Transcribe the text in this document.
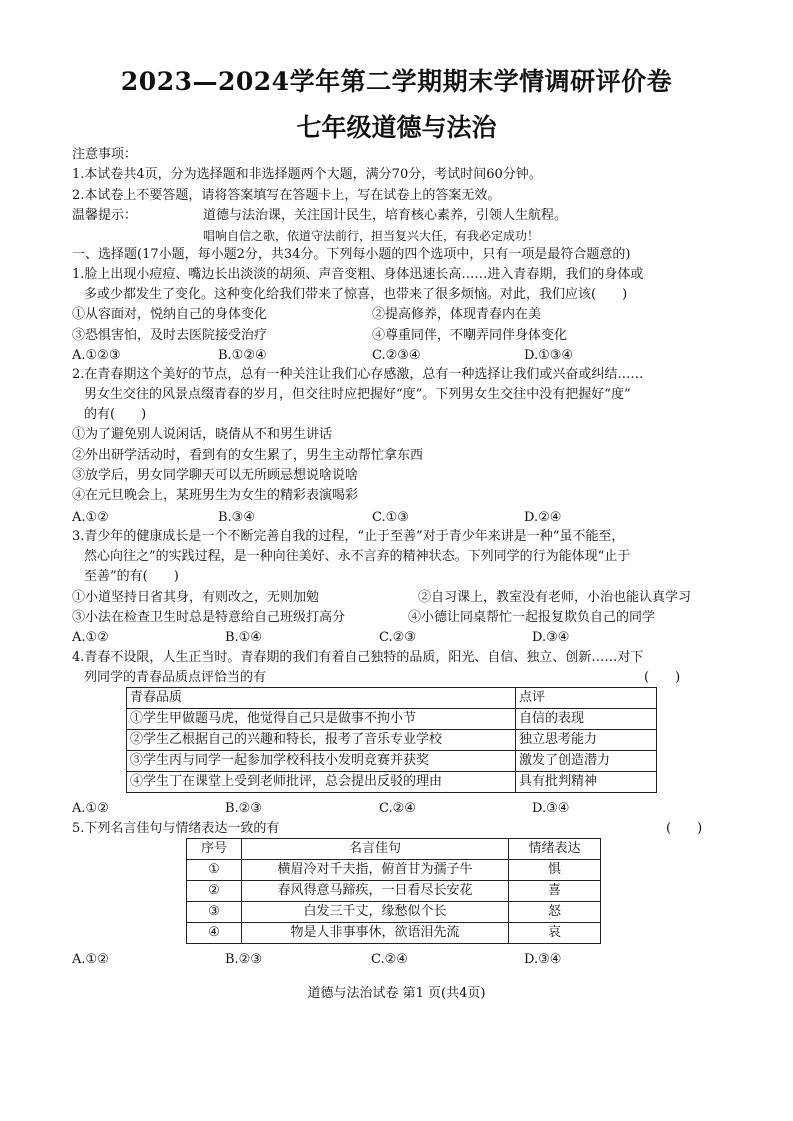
2023—2024学年第二学期期末学情调研评价卷
七年级道德与法治
注意事项：
1.本试卷共4页，分为选择题和非选择题两个大题，满分70分，考试时间60分钟。
2.本试卷上不要答题，请将答案填写在答题卡上，写在试卷上的答案无效。
温馨提示：	道德与法治课，关注国计民生，培育核心素养，引领人生航程。
唱响自信之歌，依道守法前行，担当复兴大任，有我必定成功！
一、选择题(17小题，每小题2分，共34分。下列每小题的四个选项中，只有一项是最符合题意的)
1.脸上出现小痘痘、嘴边长出淡淡的胡须、声音变粗、身体迅速长高……进入青春期，我们的身体或
多或少都发生了变化。这种变化给我们带来了惊喜，也带来了很多烦恼。对此，我们应该(　　)
①从容面对，悦纳自己的身体变化	②提高修养，体现青春内在美
③恐惧害怕，及时去医院接受治疗	④尊重同伴，不嘲弄同伴身体变化
A.①②③	B.①②④	C.②③④	D.①③④
2.在青春期这个美好的节点，总有一种关注让我们心存感激，总有一种选择让我们或兴奋或纠结……
男女生交往的风景点缀青春的岁月，但交往时应把握好“度”。下列男女生交往中没有把握好“度”
的有(　　)
①为了避免别人说闲话，晓倩从不和男生讲话
②外出研学活动时，看到有的女生累了，男生主动帮忙拿东西
③放学后，男女同学聊天可以无所顾忌想说啥说啥
④在元旦晚会上，某班男生为女生的精彩表演喝彩
A.①②	B.③④	C.①③	D.②④
3.青少年的健康成长是一个不断完善自我的过程，“止于至善”对于青少年来讲是一种“虽不能至，
然心向往之”的实践过程，是一种向往美好、永不言弃的精神状态。下列同学的行为能体现“止于
至善”的有(　　)
①小道坚持日省其身，有则改之，无则加勉	②自习课上，教室没有老师，小治也能认真学习
③小法在检查卫生时总是特意给自己班级打高分	④小德让同桌帮忙一起报复欺负自己的同学
A.①②	B.①④	C.②③	D.③④
4.青春不设限，人生正当时。青春期的我们有着自己独特的品质，阳光、自信、独立、创新……对下
列同学的青春品质点评恰当的有	(　　)
青春品质	点评
①学生甲做题马虎，他觉得自己只是做事不拘小节	自信的表现
②学生乙根据自己的兴趣和特长，报考了音乐专业学校	独立思考能力
③学生丙与同学一起参加学校科技小发明竞赛并获奖	激发了创造潜力
④学生丁在课堂上受到老师批评，总会提出反驳的理由	具有批判精神
A.①②	B.②③	C.②④	D.③④
5.下列名言佳句与情绪表达一致的有	(　　)
序号	名言佳句	情绪表达
①	横眉冷对千夫指，俯首甘为孺子牛	惧
②	春风得意马蹄疾，一日看尽长安花	喜
③	白发三千丈，缘愁似个长	怒
④	物是人非事事休，欲语泪先流	哀
A.①②	B.②③	C.②④	D.③④
道德与法治试卷 第1 页(共4页)
